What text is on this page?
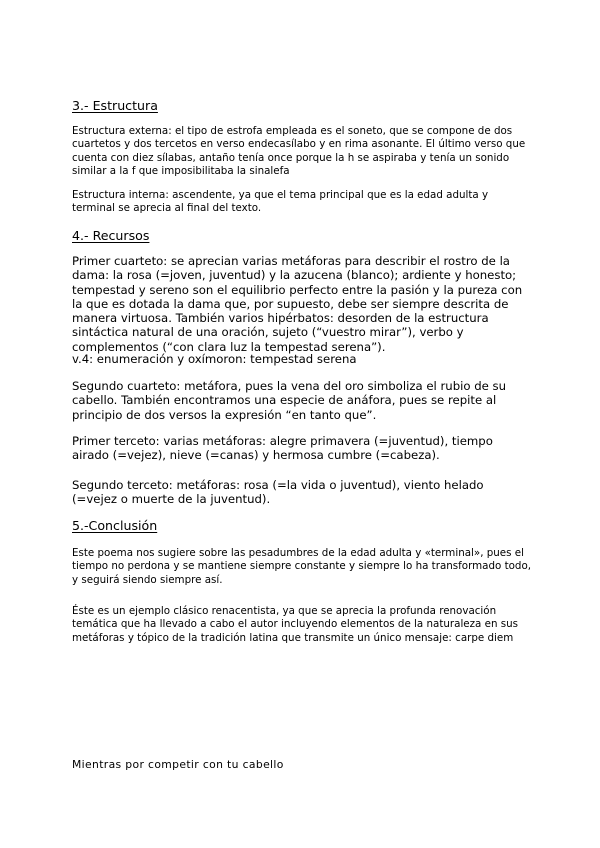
3.- Estructura

Estructura externa: el tipo de estrofa empleada es el soneto, que se compone de dos cuartetos y dos tercetos en verso endecasílabo y en rima asonante. El último verso que cuenta con diez sílabas, antaño tenía once porque la h se aspiraba y tenía un sonido similar a la f que imposibilitaba la sinalefa

Estructura interna: ascendente, ya que el tema principal que es la edad adulta y terminal se aprecia al final del texto.

4.- Recursos

Primer cuarteto: se aprecian varias metáforas para describir el rostro de la dama: la rosa (=joven, juventud) y la azucena (blanco); ardiente y honesto; tempestad y sereno son el equilibrio perfecto entre la pasión y la pureza con la que es dotada la dama que, por supuesto, debe ser siempre descrita de manera virtuosa. También varios hipérbatos: desorden de la estructura sintáctica natural de una oración, sujeto (“vuestro mirar”), verbo y complementos (“con clara luz la tempestad serena”).

v.4: enumeración y oxímoron: tempestad serena

Segundo cuarteto: metáfora, pues la vena del oro simboliza el rubio de su cabello. También encontramos una especie de anáfora, pues se repite al principio de dos versos la expresión “en tanto que”.

Primer terceto: varias metáforas: alegre primavera (=juventud), tiempo airado (=vejez), nieve (=canas) y hermosa cumbre (=cabeza).

Segundo terceto: metáforas: rosa (=la vida o juventud), viento helado (=vejez o muerte de la juventud).

5.-Conclusión

Este poema nos sugiere sobre las pesadumbres de la edad adulta y «terminal», pues el tiempo no perdona y se mantiene siempre constante y siempre lo ha transformado todo, y seguirá siendo siempre así.

Éste es un ejemplo clásico renacentista, ya que se aprecia la profunda renovación temática que ha llevado a cabo el autor incluyendo elementos de la naturaleza en sus metáforas y tópico de la tradición latina que transmite un único mensaje: carpe diem

Mientras por competir con tu cabello
